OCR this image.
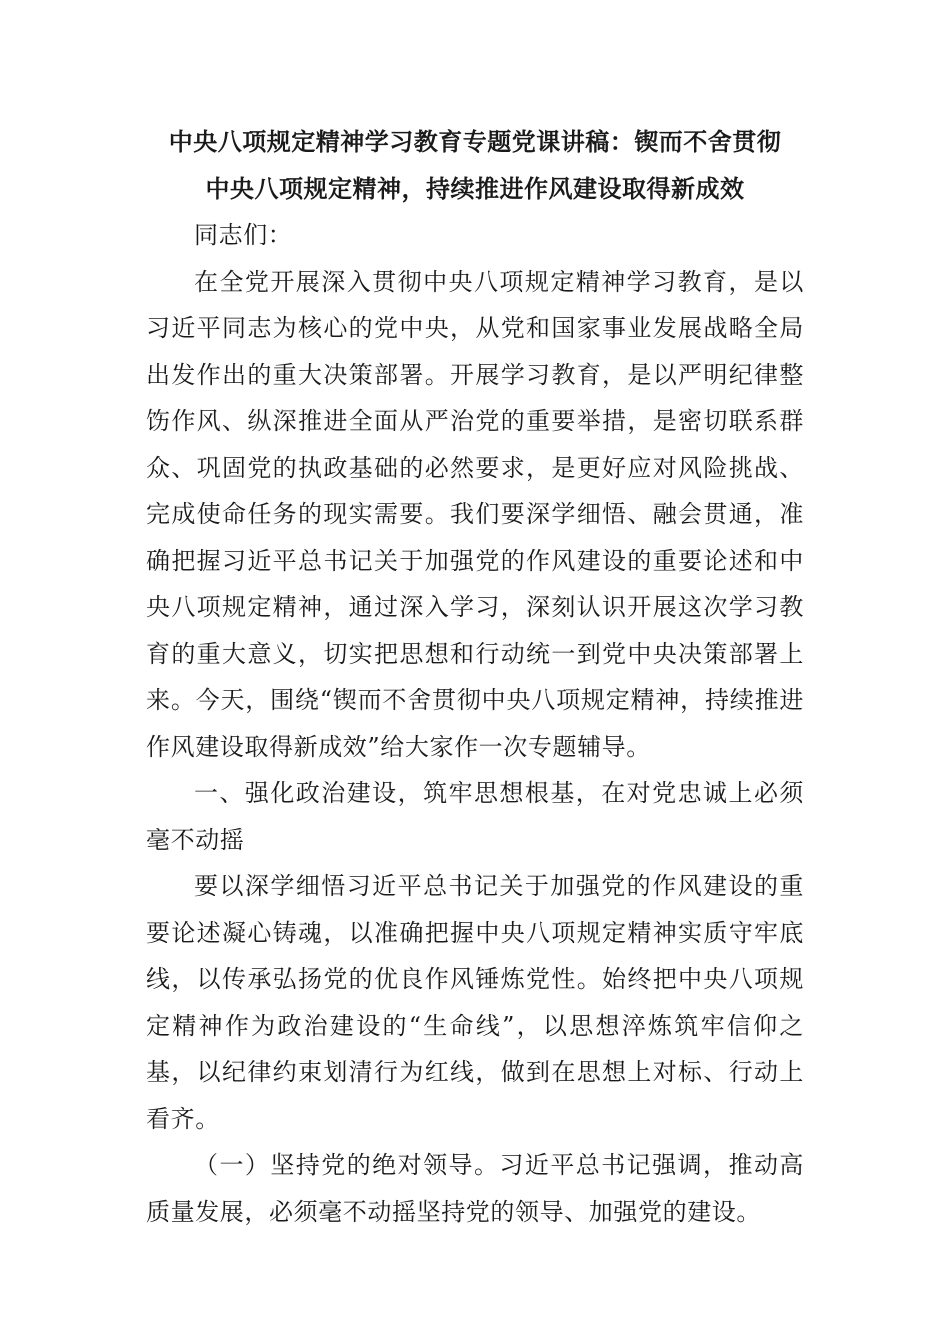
中央八项规定精神学习教育专题党课讲稿：锲而不舍贯彻
中央八项规定精神，持续推进作风建设取得新成效

同志们：

在全党开展深入贯彻中央八项规定精神学习教育，是以习近平同志为核心的党中央，从党和国家事业发展战略全局出发作出的重大决策部署。开展学习教育，是以严明纪律整饬作风、纵深推进全面从严治党的重要举措，是密切联系群众、巩固党的执政基础的必然要求，是更好应对风险挑战、完成使命任务的现实需要。我们要深学细悟、融会贯通，准确把握习近平总书记关于加强党的作风建设的重要论述和中央八项规定精神，通过深入学习，深刻认识开展这次学习教育的重大意义，切实把思想和行动统一到党中央决策部署上来。今天，围绕“锲而不舍贯彻中央八项规定精神，持续推进作风建设取得新成效”给大家作一次专题辅导。

一、强化政治建设，筑牢思想根基，在对党忠诚上必须毫不动摇

要以深学细悟习近平总书记关于加强党的作风建设的重要论述凝心铸魂，以准确把握中央八项规定精神实质守牢底线，以传承弘扬党的优良作风锤炼党性。始终把中央八项规定精神作为政治建设的“生命线”，以思想淬炼筑牢信仰之基，以纪律约束划清行为红线，做到在思想上对标、行动上看齐。

（一）坚持党的绝对领导。习近平总书记强调，推动高质量发展，必须毫不动摇坚持党的领导、加强党的建设。
